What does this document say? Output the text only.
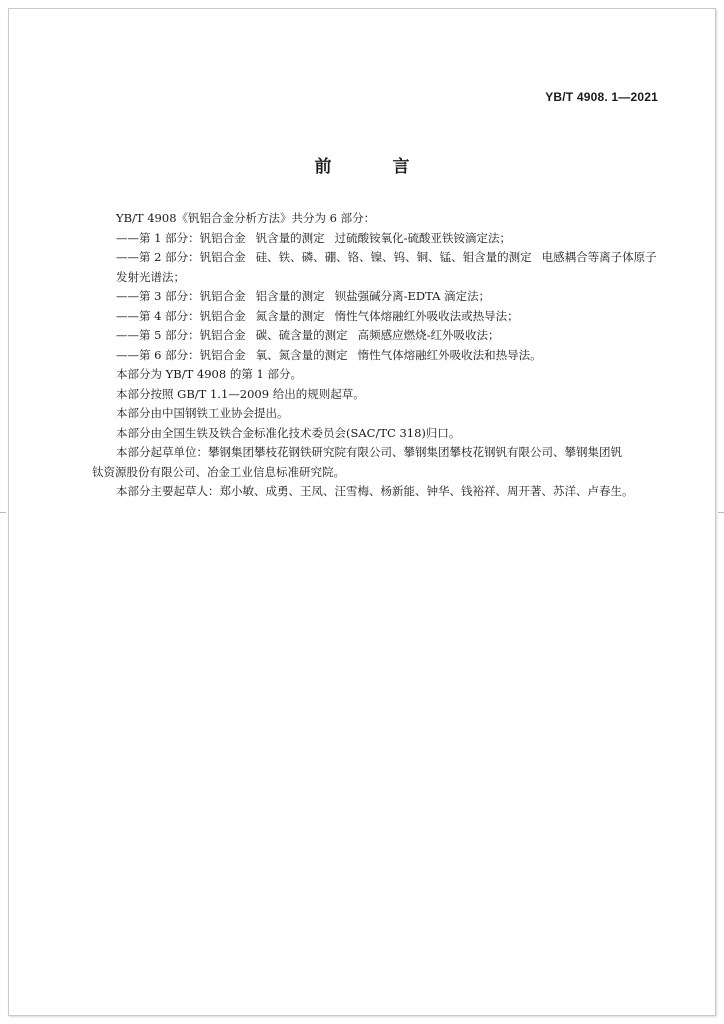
YB/T 4908. 1—2021
前　言

YB/T 4908《钒铝合金分析方法》共分为 6 部分：

——第 1 部分：钒铝合金 钒含量的测定 过硫酸铵氧化-硫酸亚铁铵滴定法；

——第 2 部分：钒铝合金 硅、铁、磷、硼、铬、镍、钨、铜、锰、钼含量的测定 电感耦合等离子体原子

发射光谱法；

——第 3 部分：钒铝合金 铝含量的测定 钡盐强碱分离-EDTA 滴定法；

——第 4 部分：钒铝合金 氮含量的测定 惰性气体熔融红外吸收法或热导法；

——第 5 部分：钒铝合金 碳、硫含量的测定 高频感应燃烧-红外吸收法；

——第 6 部分：钒铝合金 氧、氮含量的测定 惰性气体熔融红外吸收法和热导法。

本部分为 YB/T 4908 的第 1 部分。

本部分按照 GB/T 1.1—2009 给出的规则起草。

本部分由中国钢铁工业协会提出。

本部分由全国生铁及铁合金标准化技术委员会(SAC/TC 318)归口。

本部分起草单位：攀钢集团攀枝花钢铁研究院有限公司、攀钢集团攀枝花钢钒有限公司、攀钢集团钒

钛资源股份有限公司、冶金工业信息标准研究院。

本部分主要起草人：郑小敏、成勇、王凤、汪雪梅、杨新能、钟华、钱裕祥、周开著、苏洋、卢春生。
